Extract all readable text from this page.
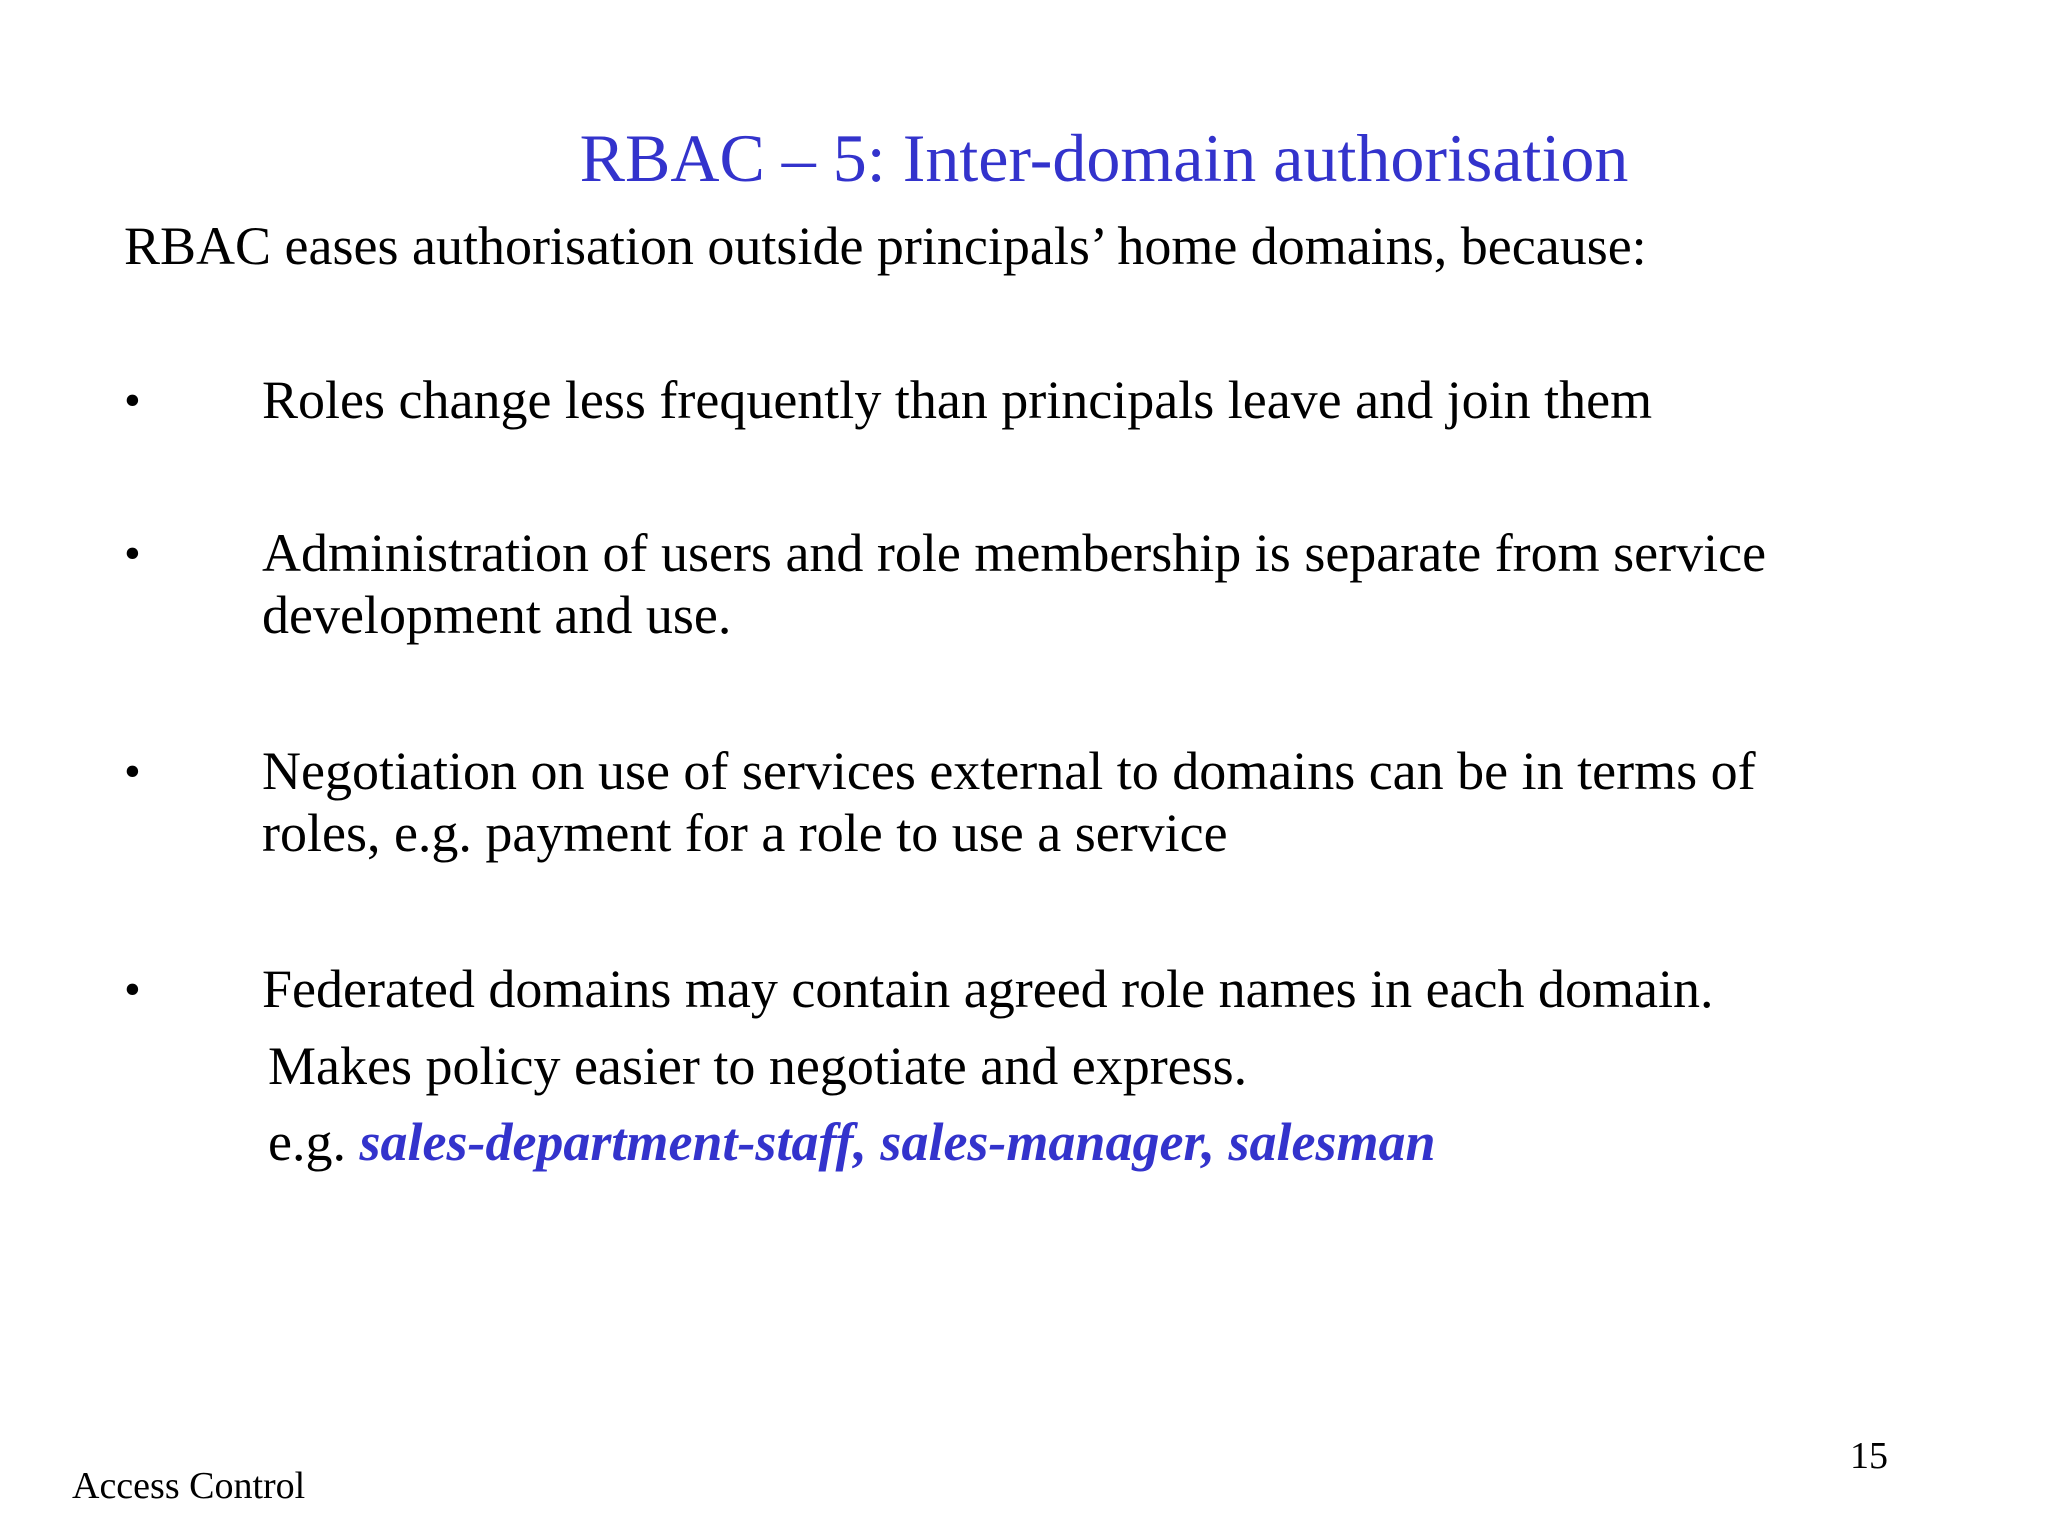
RBAC – 5: Inter-domain authorisation
RBAC eases authorisation outside principals’ home domains, because:
• Roles change less frequently than principals leave and join them
• Administration of users and role membership is separate from service
development and use.
• Negotiation on use of services external to domains can be in terms of
roles, e.g. payment for a role to use a service
• Federated domains may contain agreed role names in each domain.
Makes policy easier to negotiate and express.
e.g. sales-department-staff, sales-manager, salesman
Access Control
15
